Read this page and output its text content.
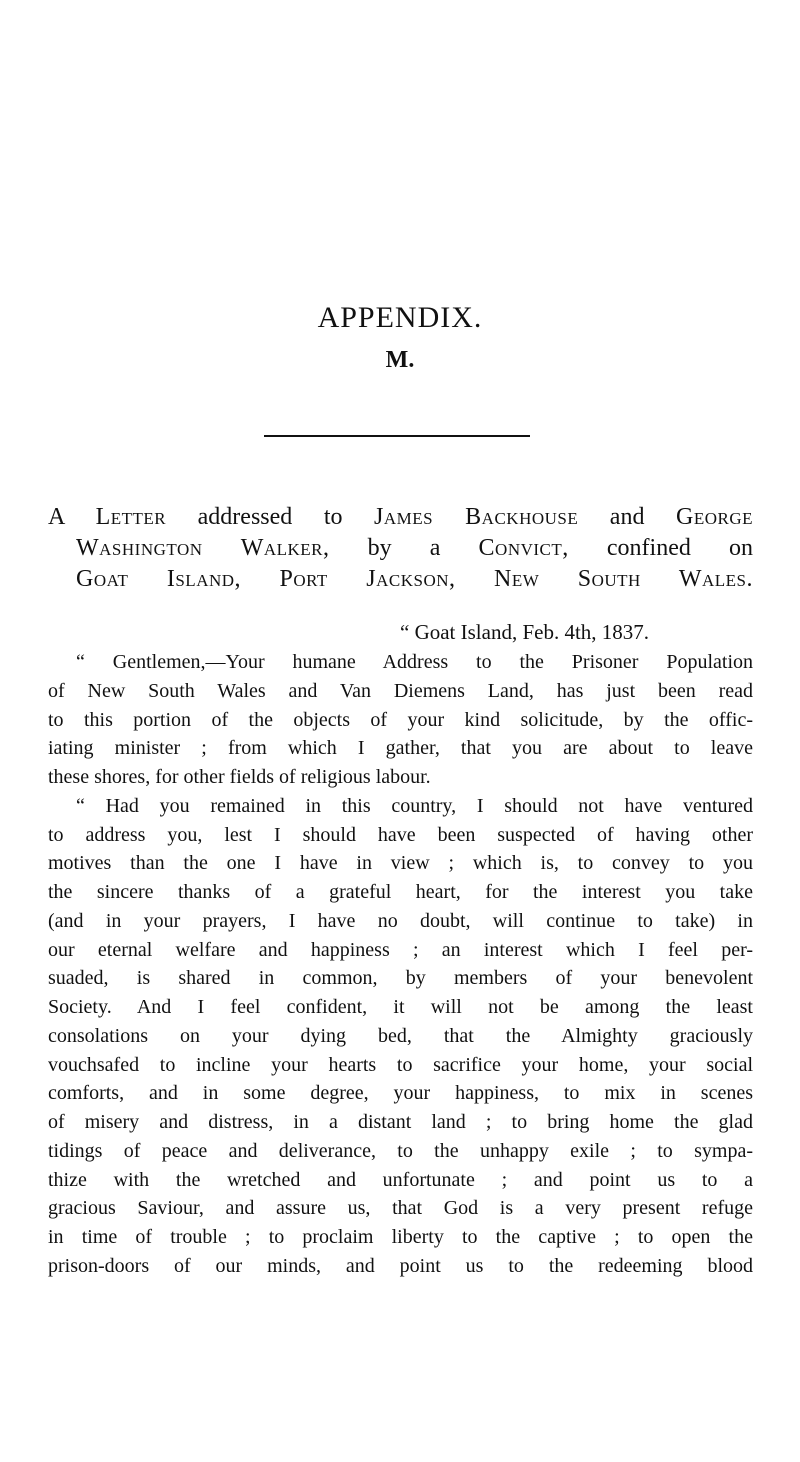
APPENDIX.
M.
A Letter addressed to James Backhouse and George
Washington Walker, by a Convict, confined on
Goat Island, Port Jackson, New South Wales.
“ Goat Island, Feb. 4th, 1837.
“ Gentlemen,—Your humane Address to the Prisoner Population
of New South Wales and Van Diemens Land, has just been read
to this portion of the objects of your kind solicitude, by the offic-
iating minister ; from which I gather, that you are about to leave
these shores, for other fields of religious labour.
“ Had you remained in this country, I should not have ventured
to address you, lest I should have been suspected of having other
motives than the one I have in view ; which is, to convey to you
the sincere thanks of a grateful heart, for the interest you take
(and in your prayers, I have no doubt, will continue to take) in
our eternal welfare and happiness ; an interest which I feel per-
suaded, is shared in common, by members of your benevolent
Society. And I feel confident, it will not be among the least
consolations on your dying bed, that the Almighty graciously
vouchsafed to incline your hearts to sacrifice your home, your social
comforts, and in some degree, your happiness, to mix in scenes
of misery and distress, in a distant land ; to bring home the glad
tidings of peace and deliverance, to the unhappy exile ; to sympa-
thize with the wretched and unfortunate ; and point us to a
gracious Saviour, and assure us, that God is a very present refuge
in time of trouble ; to proclaim liberty to the captive ; to open the
prison-doors of our minds, and point us to the redeeming blood
